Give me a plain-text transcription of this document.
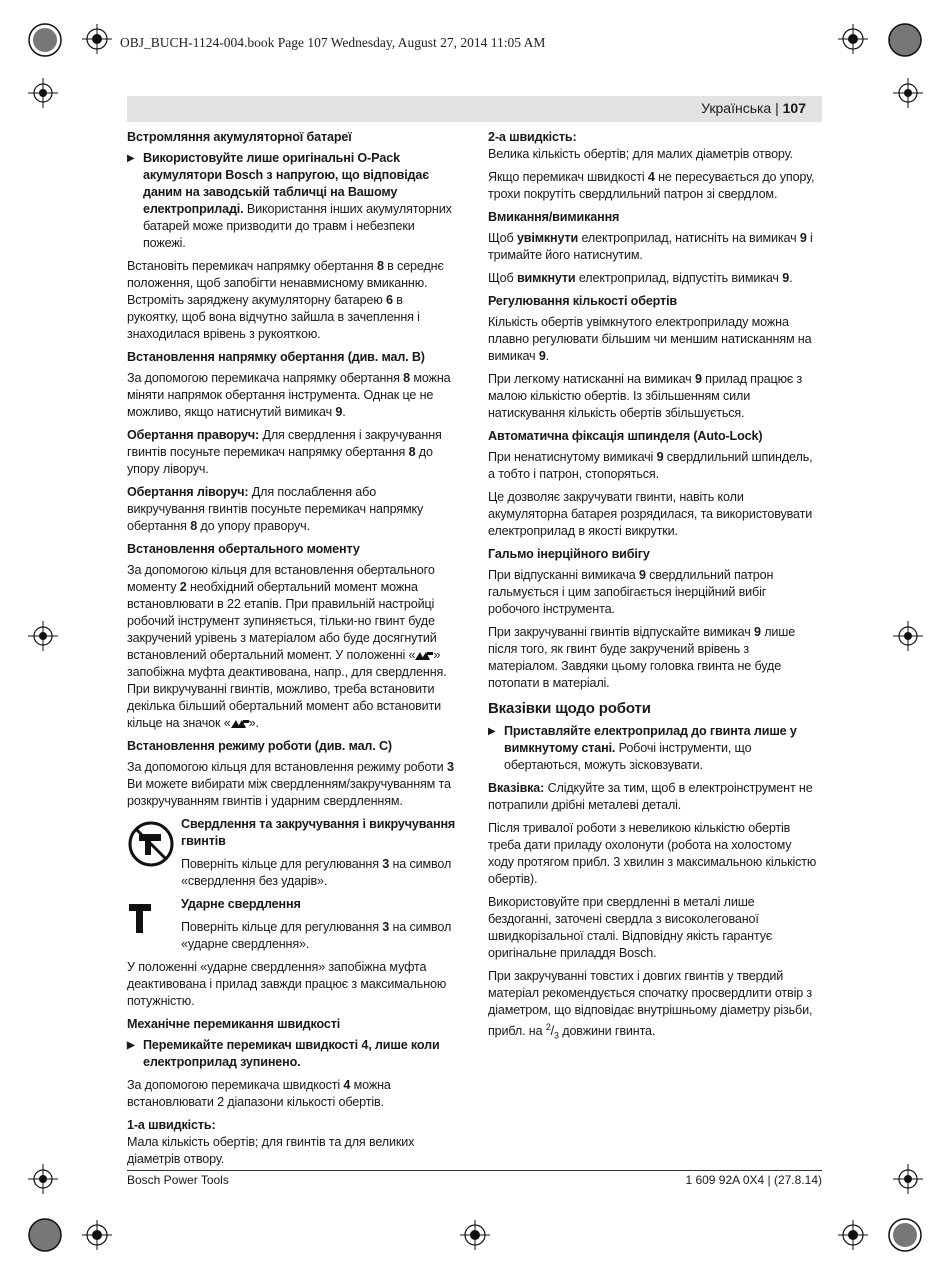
OBJ_BUCH-1124-004.book Page 107 Wednesday, August 27, 2014 11:05 AM
Українська | 107
Встромляння акумуляторної батареї

▶ Використовуйте лише оригінальні O-Pack акумулятори Bosch з напругою, що відповідає даним на заводській табличці на Вашому електроприладі. Використання інших акумуляторних батарей може призводити до травм і небезпеки пожежі.

Встановіть перемикач напрямку обертання 8 в середнє положення, щоб запобігти ненавмисному вмиканню. Встроміть заряджену акумуляторну батарею 6 в рукоятку, щоб вона відчутно зайшла в зачеплення і знаходилася врівень з рукояткою.

Встановлення напрямку обертання (див. мал. B)

За допомогою перемикача напрямку обертання 8 можна міняти напрямок обертання інструмента. Однак це не можливо, якщо натиснутий вимикач 9.

Обертання праворуч: Для свердлення і закручування гвинтів посуньте перемикач напрямку обертання 8 до упору ліворуч.

Обертання ліворуч: Для послаблення або викручування гвинтів посуньте перемикач напрямку обертання 8 до упору праворуч.

Встановлення обертального моменту

За допомогою кільця для встановлення обертального моменту 2 необхідний обертальний момент можна встановлювати в 22 етапів. При правильній настройці робочий інструмент зупиняється, тільки-но гвинт буде закручений урівень з матеріалом або буде досягнутий встановлений обертальний момент. У положенні « » запобіжна муфта деактивована, напр., для свердлення. При викручуванні гвинтів, можливо, треба встановити декілька більший обертальний момент або встановити кільце на значок « ».

Встановлення режиму роботи (див. мал. C)

За допомогою кільця для встановлення режиму роботи 3 Ви можете вибирати між свердленням/закручуванням та розкручуванням гвинтів і ударним свердленням.

Свердлення та закручування і викручування гвинтів

Поверніть кільце для регулювання 3 на символ «свердлення без ударів».

Ударне свердлення

Поверніть кільце для регулювання 3 на символ «ударне свердлення».

У положенні «ударне свердлення» запобіжна муфта деактивована і прилад завжди працює з максимальною потужністю.

Механічне перемикання швидкості

▶ Перемикайте перемикач швидкості 4, лише коли електроприлад зупинено.

За допомогою перемикача швидкості 4 можна встановлювати 2 діапазони кількості обертів.

1-а швидкість:

Мала кількість обертів; для гвинтів та для великих діаметрів отвору.

2-а швидкість:

Велика кількість обертів; для малих діаметрів отвору.

Якщо перемикач швидкості 4 не пересувається до упору, трохи покрутіть свердлильний патрон зі свердлом.

Вмикання/вимикання

Щоб увімкнути електроприлад, натисніть на вимикач 9 і тримайте його натиснутим.

Щоб вимкнути електроприлад, відпустіть вимикач 9.

Регулювання кількості обертів

Кількість обертів увімкнутого електроприладу можна плавно регулювати більшим чи меншим натисканням на вимикач 9.

При легкому натисканні на вимикач 9 прилад працює з малою кількістю обертів. Із збільшенням сили натискування кількість обертів збільшується.

Автоматична фіксація шпинделя (Auto-Lock)

При ненатиснутому вимикачі 9 свердлильний шпиндель, а тобто і патрон, стопоряться.

Це дозволяє закручувати гвинти, навіть коли акумуляторна батарея розрядилася, та використовувати електроприлад в якості викрутки.

Гальмо інерційного вибігу

При відпусканні вимикача 9 свердлильний патрон гальмується і цим запобігається інерційний вибіг робочого інструмента.

При закручуванні гвинтів відпускайте вимикач 9 лише після того, як гвинт буде закручений врівень з матеріалом. Завдяки цьому головка гвинта не буде потопати в матеріалі.

Вказівки щодо роботи

▶ Приставляйте електроприлад до гвинта лише у вимкнутому стані. Робочі інструменти, що обертаються, можуть зісковзувати.

Вказівка: Слідкуйте за тим, щоб в електроінструмент не потрапили дрібні металеві деталі.

Після тривалої роботи з невеликою кількістю обертів треба дати приладу охолонути (робота на холостому ходу протягом прибл. 3 хвилин з максимальною кількістю обертів).

Використовуйте при свердленні в металі лише бездоганні, заточені свердла з високолегованої швидкорізальної сталі. Відповідну якість гарантує оригінальне приладдя Bosch.

При закручуванні товстих і довгих гвинтів у твердий матеріал рекомендується спочатку просвердлити отвір з діаметром, що відповідає внутрішньому діаметру різьби, прибл. на $^2/_3$ довжини гвинта.

Bosch Power Tools	1 609 92A 0X4 | (27.8.14)
